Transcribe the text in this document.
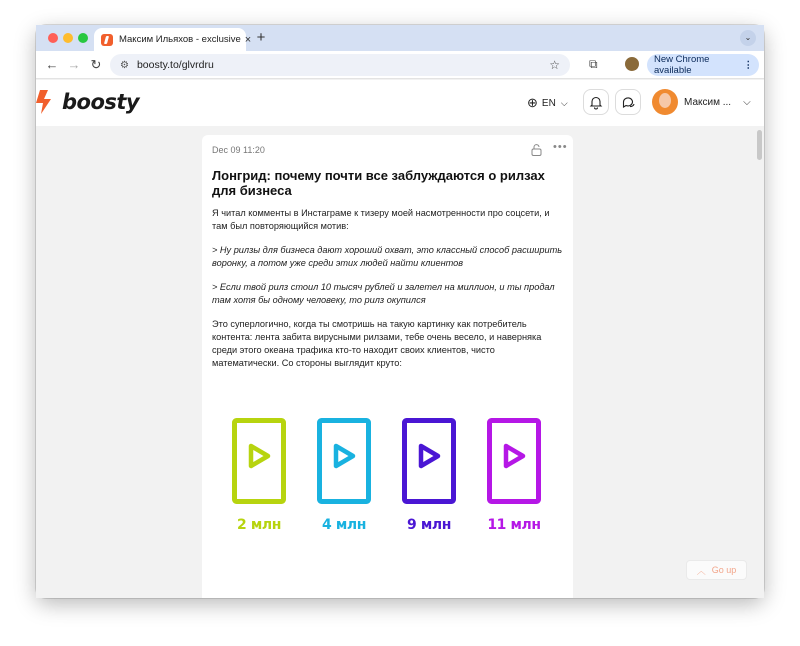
Максим Ильяхов - exclusive × +	⌄
← → ↻ ⚙ boosty.to/glvrdru	☆ ⧉	New Chrome available	⋮
boosty	⊕ EN ⌵	Максим ... ⌵
Dec 09 11:20	•••
Лонгрид: почему почти все заблуждаются о рилзах для бизнеса

Я читал комменты в Инстаграме к тизеру моей насмотренности про соцсети, и там был повторяющийся мотив:

> Ну рилзы для бизнеса дают хороший охват, это классный способ расширить воронку, а потом уже среди этих людей найти клиентов

> Если твой рилз стоил 10 тысяч рублей и залетел на миллион, и ты продал там хотя бы одному человеку, то рилз окупился

Это суперлогично, когда ты смотришь на такую картинку как потребитель контента: лента забита вирусными рилзами, тебе очень весело, и наверняка среди этого океана трафика кто-то находит своих клиентов, чисто математически. Со стороны выглядит круто:

2 млн	4 млн	9 млн	11 млн
︿ Go up
